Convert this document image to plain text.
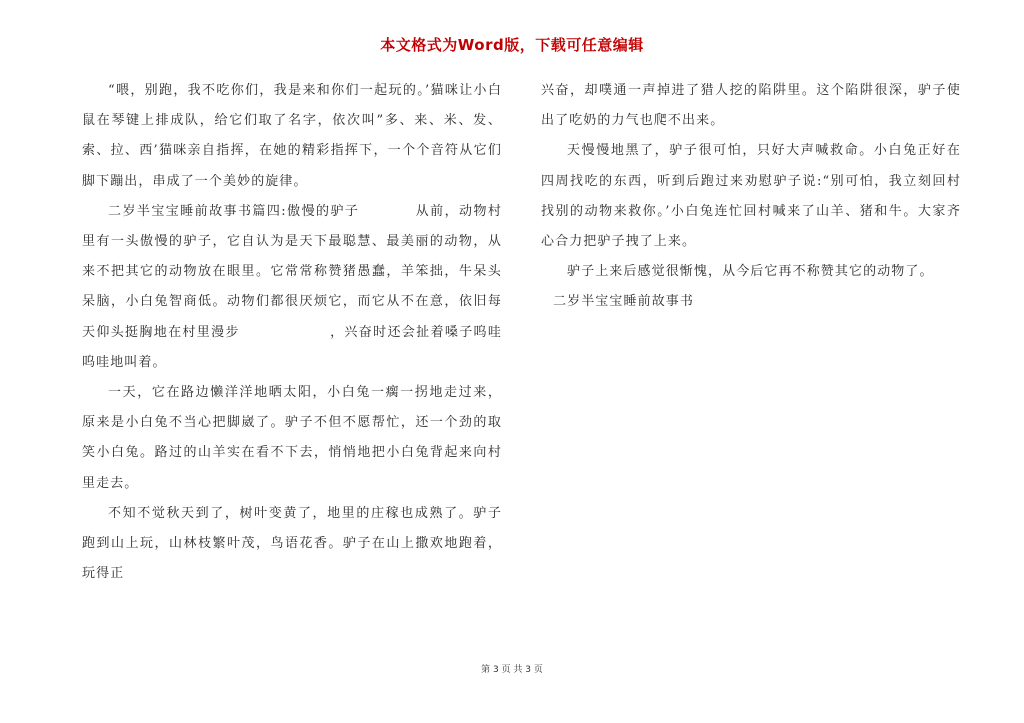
本文格式为Word版，下载可任意编辑

“喂，别跑，我不吃你们，我是来和你们一起玩的。’猫咪让小白鼠在琴键上排成队，给它们取了名字，依次叫”多、来、米、发、索、拉、西’猫咪亲自指挥，在她的精彩指挥下，一个个音符从它们脚下蹦出，串成了一个美妙的旋律。

二岁半宝宝睡前故事书篇四:傲慢的驴子	从前，动物村里有一头傲慢的驴子，它自认为是天下最聪慧、最美丽的动物，从来不把其它的动物放在眼里。它常常称赞猪愚蠢，羊笨拙，牛呆头呆脑，小白兔智商低。动物们都很厌烦它，而它从不在意，依旧每天仰头挺胸地在村里漫步	，兴奋时还会扯着嗓子呜哇呜哇地叫着。

一天，它在路边懒洋洋地晒太阳，小白兔一瘸一拐地走过来，原来是小白兔不当心把脚崴了。驴子不但不愿帮忙，还一个劲的取笑小白兔。路过的山羊实在看不下去，悄悄地把小白兔背起来向村里走去。

不知不觉秋天到了，树叶变黄了，地里的庄稼也成熟了。驴子跑到山上玩，山林枝繁叶茂，鸟语花香。驴子在山上撒欢地跑着，玩得正

兴奋，却噗通一声掉进了猎人挖的陷阱里。这个陷阱很深，驴子使出了吃奶的力气也爬不出来。

天慢慢地黑了，驴子很可怕，只好大声喊救命。小白兔正好在四周找吃的东西，听到后跑过来劝慰驴子说:“别可怕，我立刻回村找别的动物来救你。’小白兔连忙回村喊来了山羊、猪和牛。大家齐心合力把驴子拽了上来。

驴子上来后感觉很惭愧，从今后它再不称赞其它的动物了。

二岁半宝宝睡前故事书

第 3 页 共 3 页
